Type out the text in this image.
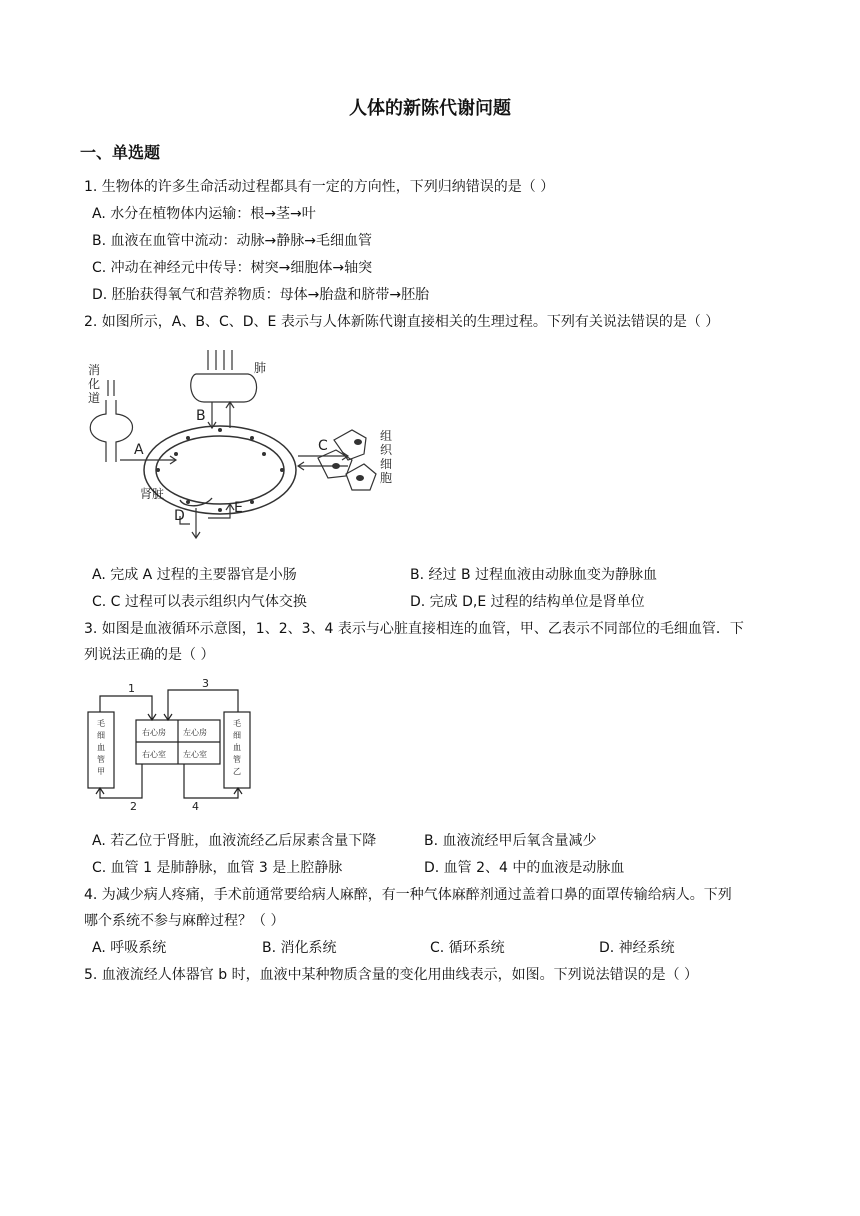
人体的新陈代谢问题
一、单选题
1. 生物体的许多生命活动过程都具有一定的方向性，下列归纳错误的是（ ）
A. 水分在植物体内运输：根→茎→叶
B. 血液在血管中流动：动脉→静脉→毛细血管
C. 冲动在神经元中传导：树突→细胞体→轴突
D. 胚胎获得氧气和营养物质：母体→胎盘和脐带→胚胎
2. 如图所示，A、B、C、D、E 表示与人体新陈代谢直接相关的生理过程。下列有关说法错误的是（ ）
消
化
道
肺
组
织
细
胞
肾脏
A
B
C
D	E
A. 完成 A 过程的主要器官是小肠	B. 经过 B 过程血液由动脉血变为静脉血
C. C 过程可以表示组织内气体交换	D. 完成 D,E 过程的结构单位是肾单位
3. 如图是血液循环示意图，1、2、3、4 表示与心脏直接相连的血管，甲、乙表示不同部位的毛细血管．下
列说法正确的是（ ）
毛
细
血
管
甲
毛
细
血
管
乙
右心房 左心房
右心室 左心室
1
2
3
4
A. 若乙位于肾脏，血液流经乙后尿素含量下降	B. 血液流经甲后氧含量减少
C. 血管 1 是肺静脉，血管 3 是上腔静脉	D. 血管 2、4 中的血液是动脉血
4. 为减少病人疼痛，手术前通常要给病人麻醉，有一种气体麻醉剂通过盖着口鼻的面罩传输给病人。下列
哪个系统不参与麻醉过程？（ ）
A. 呼吸系统	B. 消化系统	C. 循环系统	D. 神经系统
5. 血液流经人体器官 b 时，血液中某种物质含量的变化用曲线表示，如图。下列说法错误的是（ ）
